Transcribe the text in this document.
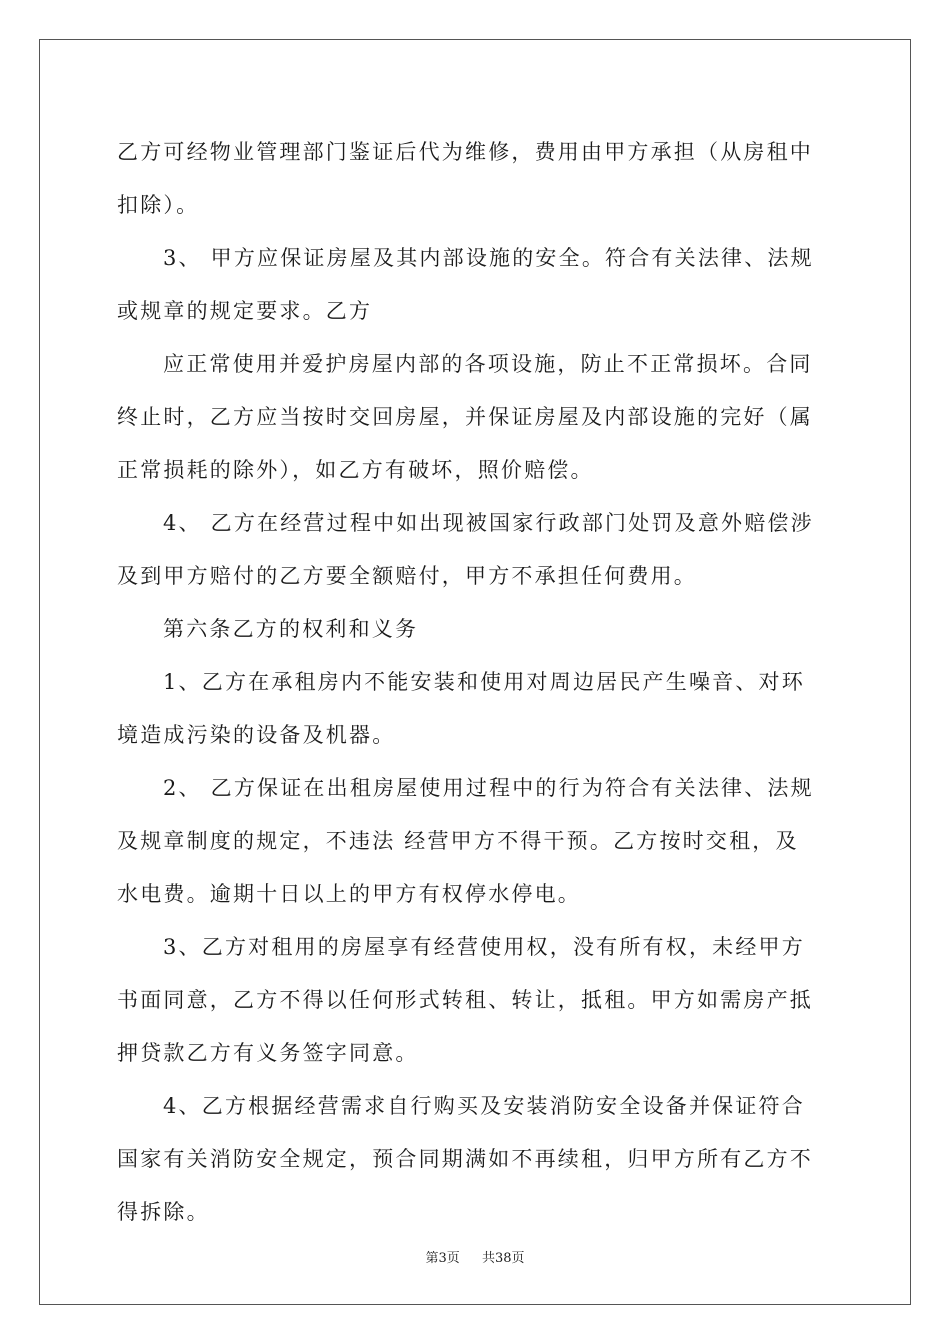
乙方可经物业管理部门鉴证后代为维修，费用由甲方承担（从房租中
扣除）。
3、 甲方应保证房屋及其内部设施的安全。符合有关法律、法规
或规章的规定要求。乙方
应正常使用并爱护房屋内部的各项设施，防止不正常损坏。合同
终止时，乙方应当按时交回房屋，并保证房屋及内部设施的完好（属
正常损耗的除外），如乙方有破坏，照价赔偿。
4、 乙方在经营过程中如出现被国家行政部门处罚及意外赔偿涉
及到甲方赔付的乙方要全额赔付，甲方不承担任何费用。
第六条乙方的权利和义务
1、乙方在承租房内不能安装和使用对周边居民产生噪音、对环
境造成污染的设备及机器。
2、 乙方保证在出租房屋使用过程中的行为符合有关法律、法规
及规章制度的规定，不违法 经营甲方不得干预。乙方按时交租，及
水电费。逾期十日以上的甲方有权停水停电。
3、乙方对租用的房屋享有经营使用权，没有所有权，未经甲方
书面同意，乙方不得以任何形式转租、转让，抵租。甲方如需房产抵
押贷款乙方有义务签字同意。
4、乙方根据经营需求自行购买及安装消防安全设备并保证符合
国家有关消防安全规定，预合同期满如不再续租，归甲方所有乙方不
得拆除。
第3页 共38页
